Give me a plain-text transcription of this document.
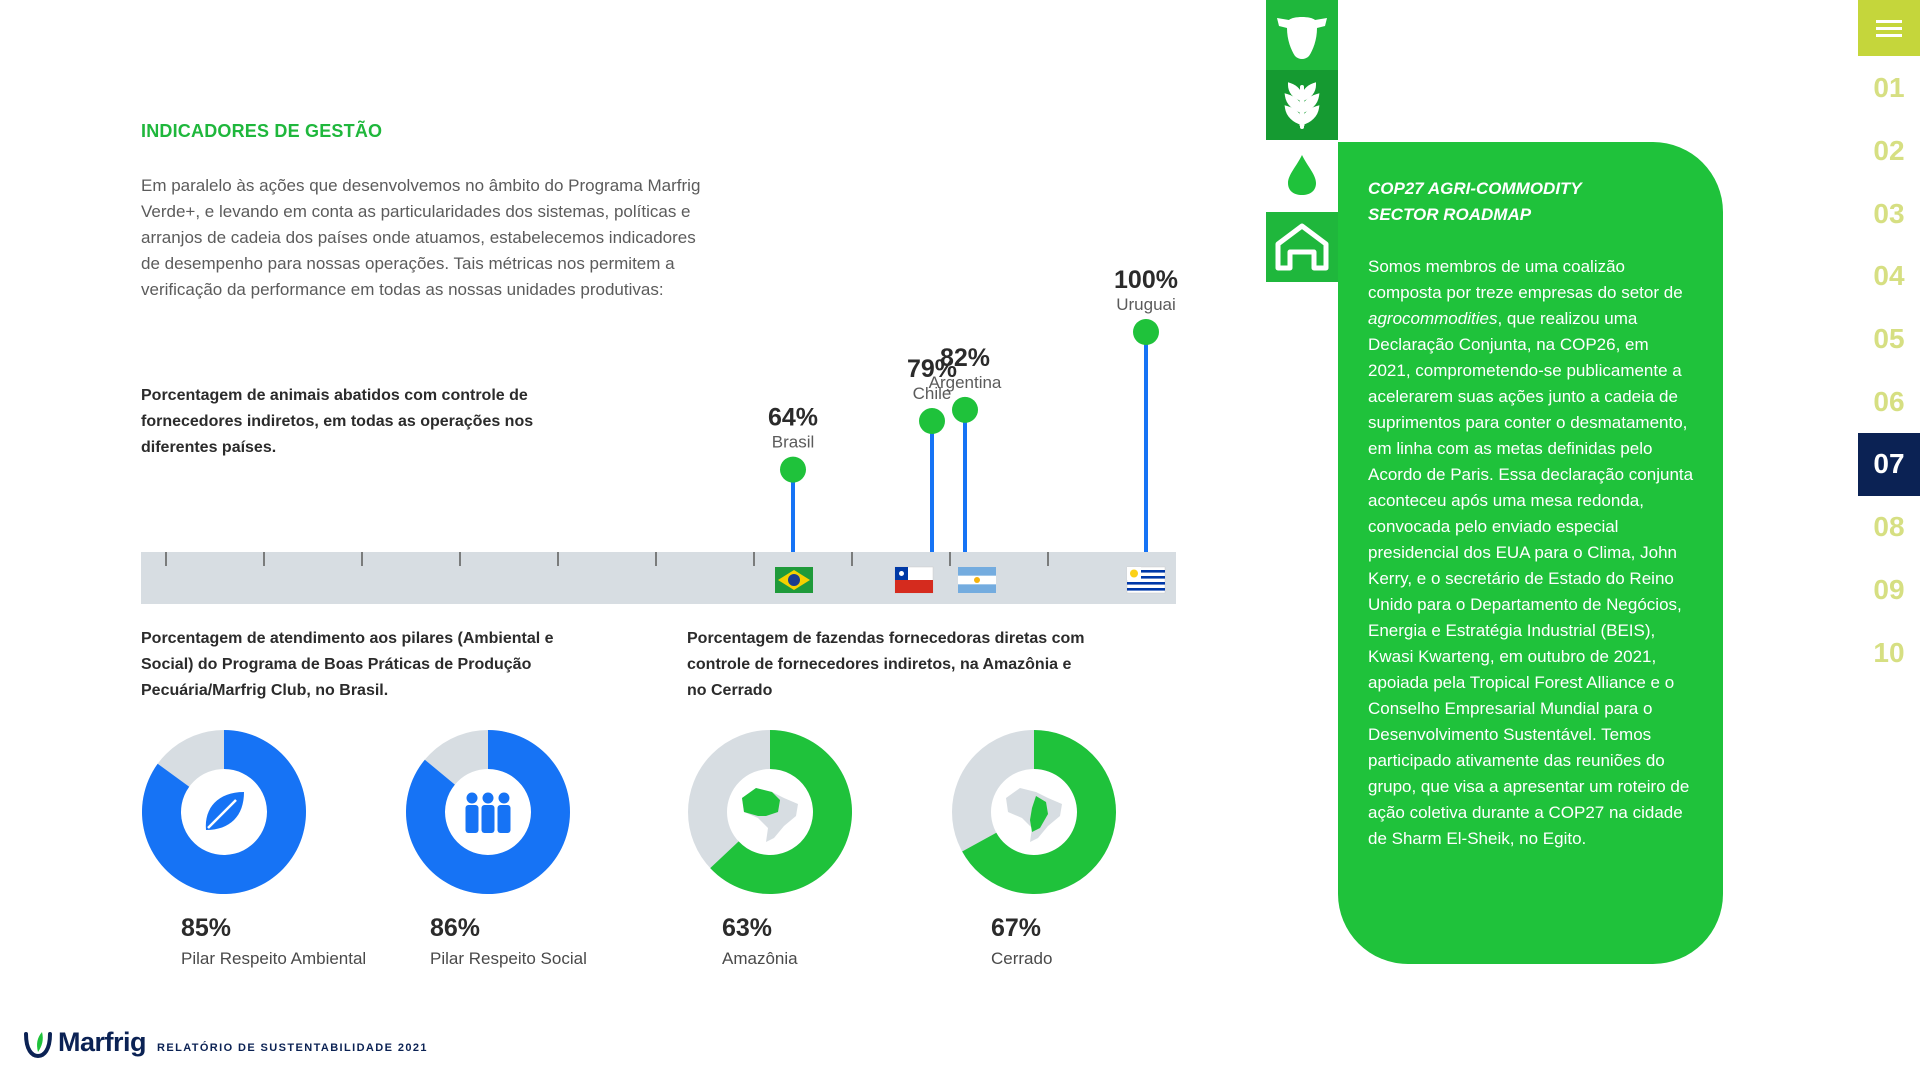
INDICADORES DE GESTÃO
Em paralelo às ações que desenvolvemos no âmbito do Programa Marfrig Verde+, e levando em conta as particularidades dos sistemas, políticas e arranjos de cadeia dos países onde atuamos, estabelecemos indicadores de desempenho para nossas operações. Tais métricas nos permitem a verificação da performance em todas as nossas unidades produtivas:
Porcentagem de animais abatidos com controle de fornecedores indiretos, em todas as operações nos diferentes países.
64%
Brasil
79%
Chile
82%
Argentina
100%
Uruguai
Porcentagem de atendimento aos pilares (Ambiental e Social) do Programa de Boas Práticas de Produção Pecuária/Marfrig Club, no Brasil.
Porcentagem de fazendas fornecedoras diretas com controle de fornecedores indiretos, na Amazônia e no Cerrado
85%
Pilar Respeito Ambiental
86%
Pilar Respeito Social
63%
Amazônia
67%
Cerrado
COP27 AGRI-COMMODITY
SECTOR ROADMAP
Somos membros de uma coalizão composta por treze empresas do setor de agrocommodities, que realizou uma Declaração Conjunta, na COP26, em 2021, comprometendo-se publicamente a acelerarem suas ações junto a cadeia de suprimentos para conter o desmatamento, em linha com as metas definidas pelo Acordo de Paris. Essa declaração conjunta aconteceu após uma mesa redonda, convocada pelo enviado especial presidencial dos EUA para o Clima, John Kerry, e o secretário de Estado do Reino Unido para o Departamento de Negócios, Energia e Estratégia Industrial (BEIS), Kwasi Kwarteng, em outubro de 2021, apoiada pela Tropical Forest Alliance e o Conselho Empresarial Mundial para o Desenvolvimento Sustentável. Temos participado ativamente das reuniões do grupo, que visa a apresentar um roteiro de ação coletiva durante a COP27 na cidade de Sharm El-Sheik, no Egito.
01
02
03
04
05
06
07
08
09
10
Marfrig RELATÓRIO DE SUSTENTABILIDADE 2021
